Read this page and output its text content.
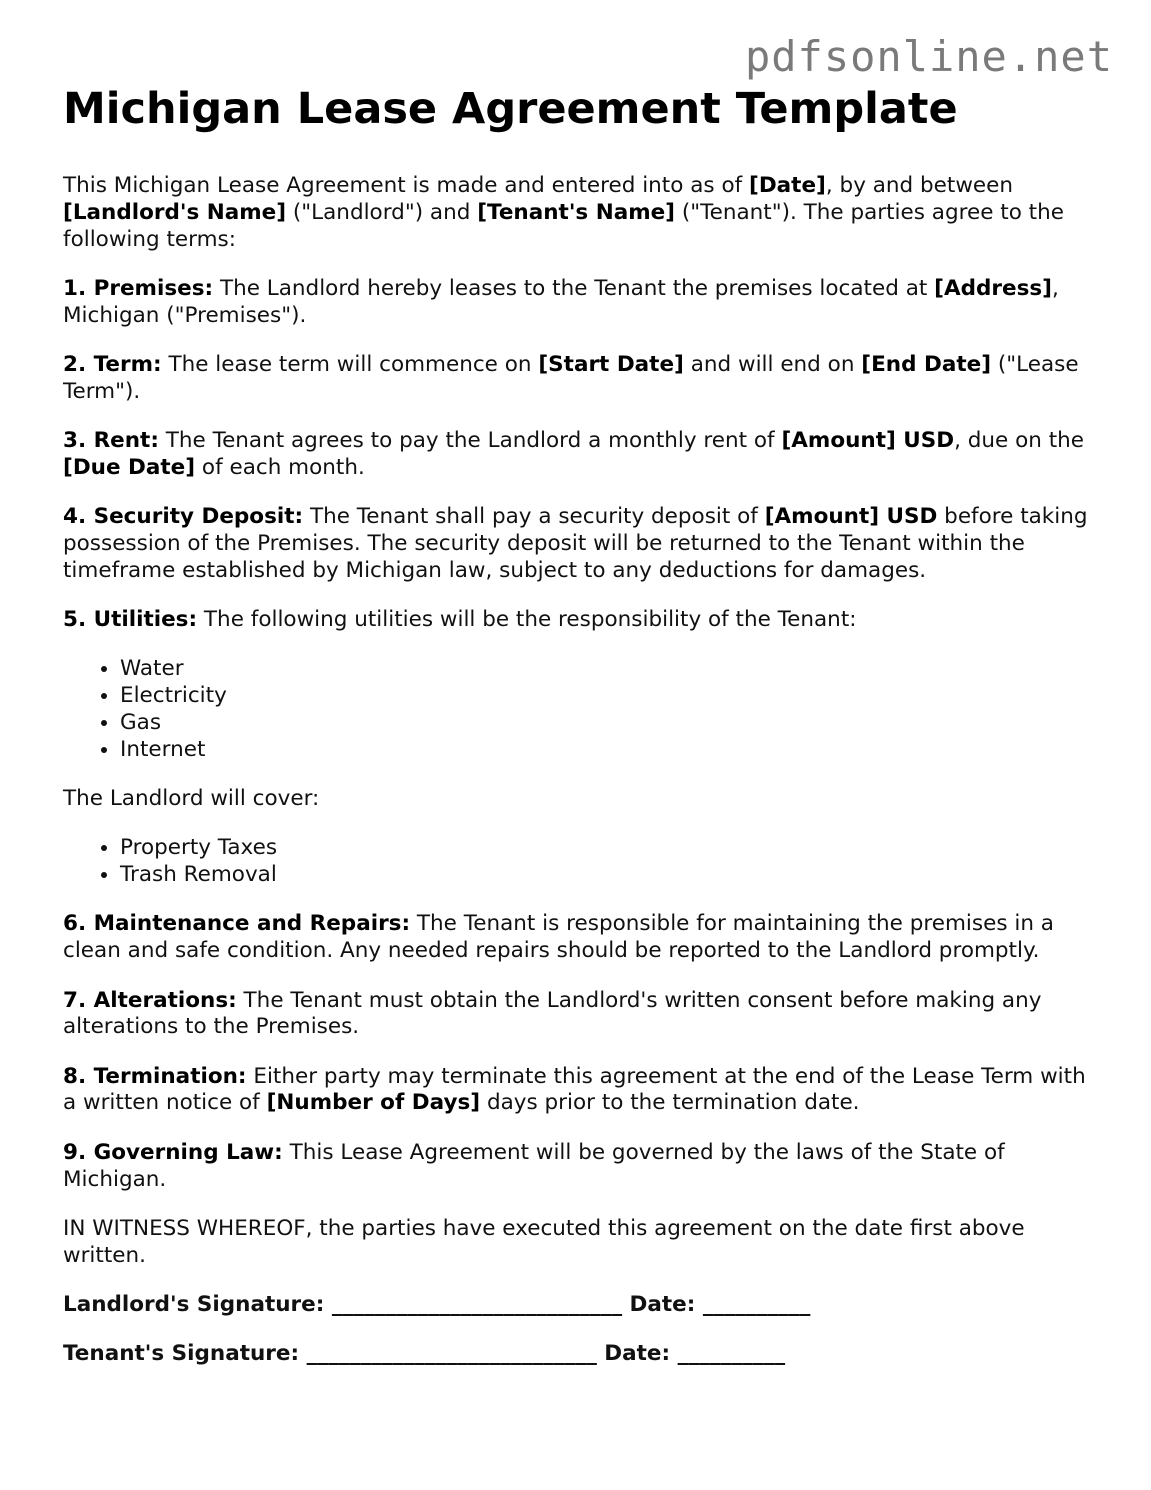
pdfsonline.net
Michigan Lease Agreement Template

This Michigan Lease Agreement is made and entered into as of [Date], by and between [Landlord's Name] ("Landlord") and [Tenant's Name] ("Tenant"). The parties agree to the following terms:

1. Premises: The Landlord hereby leases to the Tenant the premises located at [Address], Michigan ("Premises").

2. Term: The lease term will commence on [Start Date] and will end on [End Date] ("Lease Term").

3. Rent: The Tenant agrees to pay the Landlord a monthly rent of [Amount] USD, due on the [Due Date] of each month.

4. Security Deposit: The Tenant shall pay a security deposit of [Amount] USD before taking possession of the Premises. The security deposit will be returned to the Tenant within the timeframe established by Michigan law, subject to any deductions for damages.

5. Utilities: The following utilities will be the responsibility of the Tenant:

• Water
• Electricity
• Gas
• Internet

The Landlord will cover:

• Property Taxes
• Trash Removal

6. Maintenance and Repairs: The Tenant is responsible for maintaining the premises in a clean and safe condition. Any needed repairs should be reported to the Landlord promptly.

7. Alterations: The Tenant must obtain the Landlord's written consent before making any alterations to the Premises.

8. Termination: Either party may terminate this agreement at the end of the Lease Term with a written notice of [Number of Days] days prior to the termination date.

9. Governing Law: This Lease Agreement will be governed by the laws of the State of Michigan.

IN WITNESS WHEREOF, the parties have executed this agreement on the date first above written.

Landlord's Signature: ___________________________ Date: __________
Tenant's Signature: ___________________________ Date: __________
